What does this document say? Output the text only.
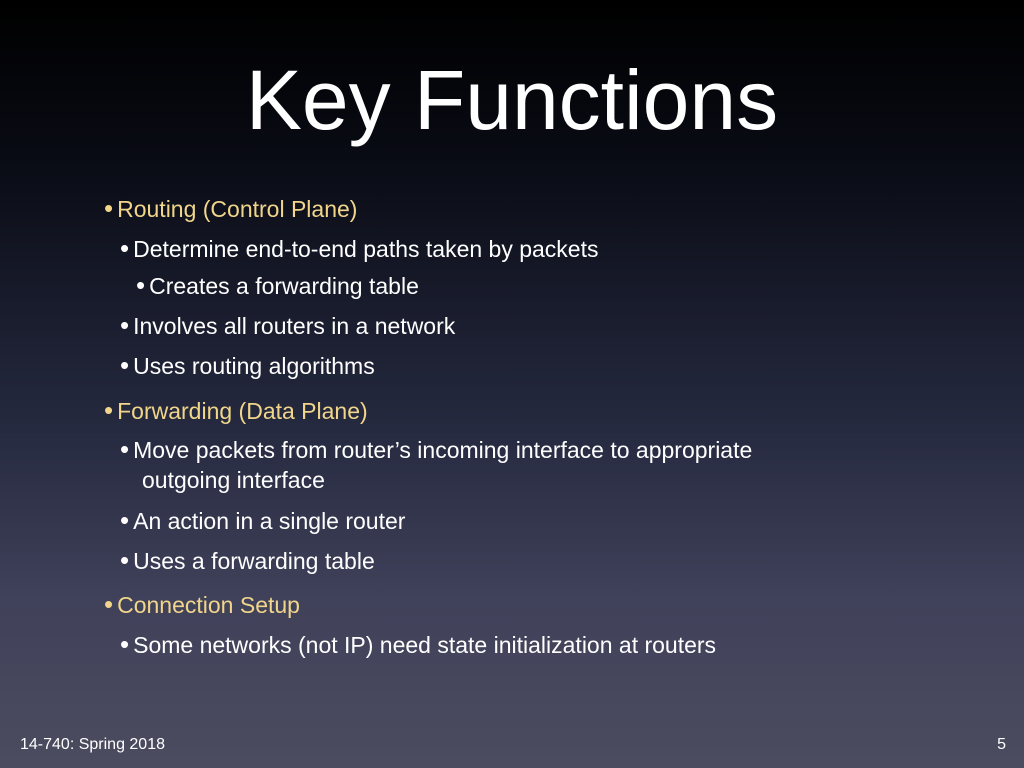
Key Functions
• Routing (Control Plane)
• Determine end-to-end paths taken by packets
• Creates a forwarding table
• Involves all routers in a network
• Uses routing algorithms
• Forwarding (Data Plane)
• Move packets from router’s incoming interface to appropriate
outgoing interface
• An action in a single router
• Uses a forwarding table
• Connection Setup
• Some networks (not IP) need state initialization at routers
14-740: Spring 2018	5
